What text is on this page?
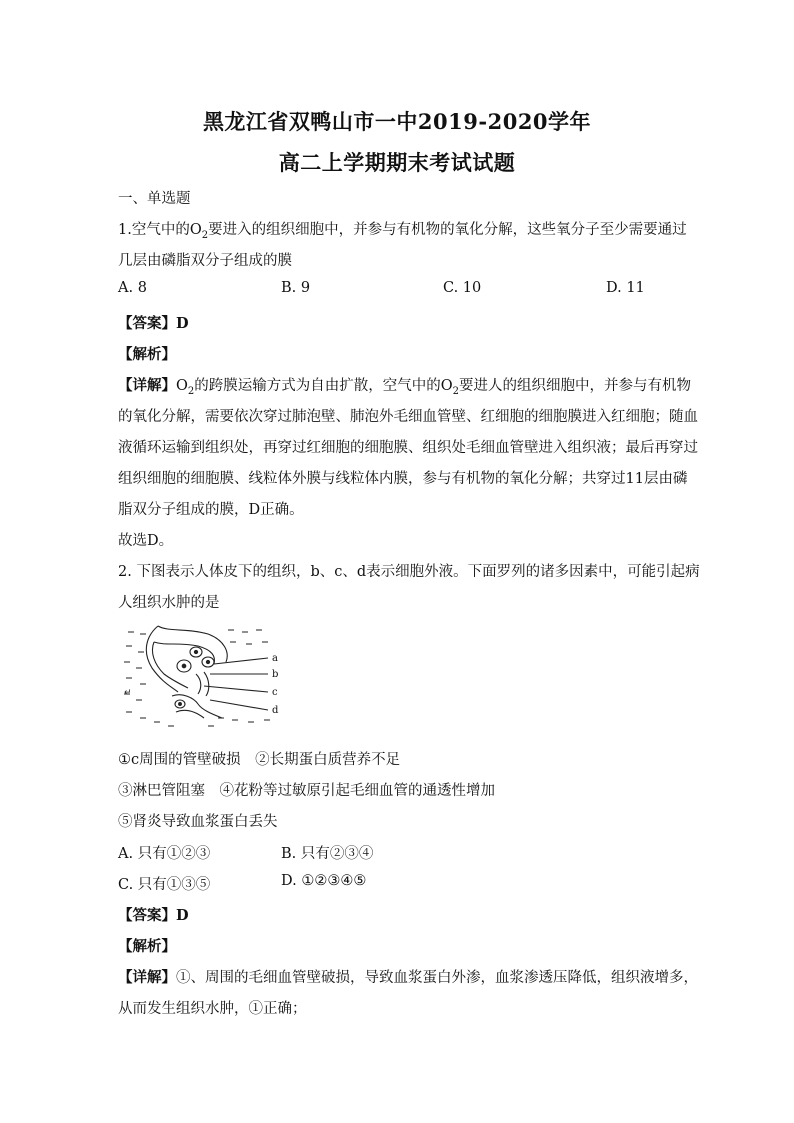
黑龙江省双鸭山市一中2019-2020学年
高二上学期期末考试试题
一、单选题
1.空气中的$O_2$要进入的组织细胞中，并参与有机物的氧化分解，这些氧分子至少需要通过
几层由磷脂双分子组成的膜
A. 8	B. 9	C. 10	D. 11
【答案】D
【解析】
【详解】$O_2$的跨膜运输方式为自由扩散，空气中的$O_2$要进人的组织细胞中，并参与有机物
的氧化分解，需要依次穿过肺泡壁、肺泡外毛细血管壁、红细胞的细胞膜进入红细胞；随血
液循环运输到组织处，再穿过红细胞的细胞膜、组织处毛细血管壁进入组织液；最后再穿过
组织细胞的细胞膜、线粒体外膜与线粒体内膜，参与有机物的氧化分解；共穿过11层由磷
脂双分子组成的膜，D正确。
故选D。
2. 下图表示人体皮下的组织，b、c、d表示细胞外液。下面罗列的诸多因素中，可能引起病
人组织水肿的是
↵
a
b
c
d
①c周围的管壁破损　②长期蛋白质营养不足
③淋巴管阻塞　④花粉等过敏原引起毛细血管的通透性增加
⑤肾炎导致血浆蛋白丢失
A. 只有①②③	B. 只有②③④
C. 只有①③⑤	D. ①②③④⑤
【答案】D
【解析】
【详解】①、周围的毛细血管壁破损，导致血浆蛋白外渗，血浆渗透压降低，组织液增多，
从而发生组织水肿，①正确；
